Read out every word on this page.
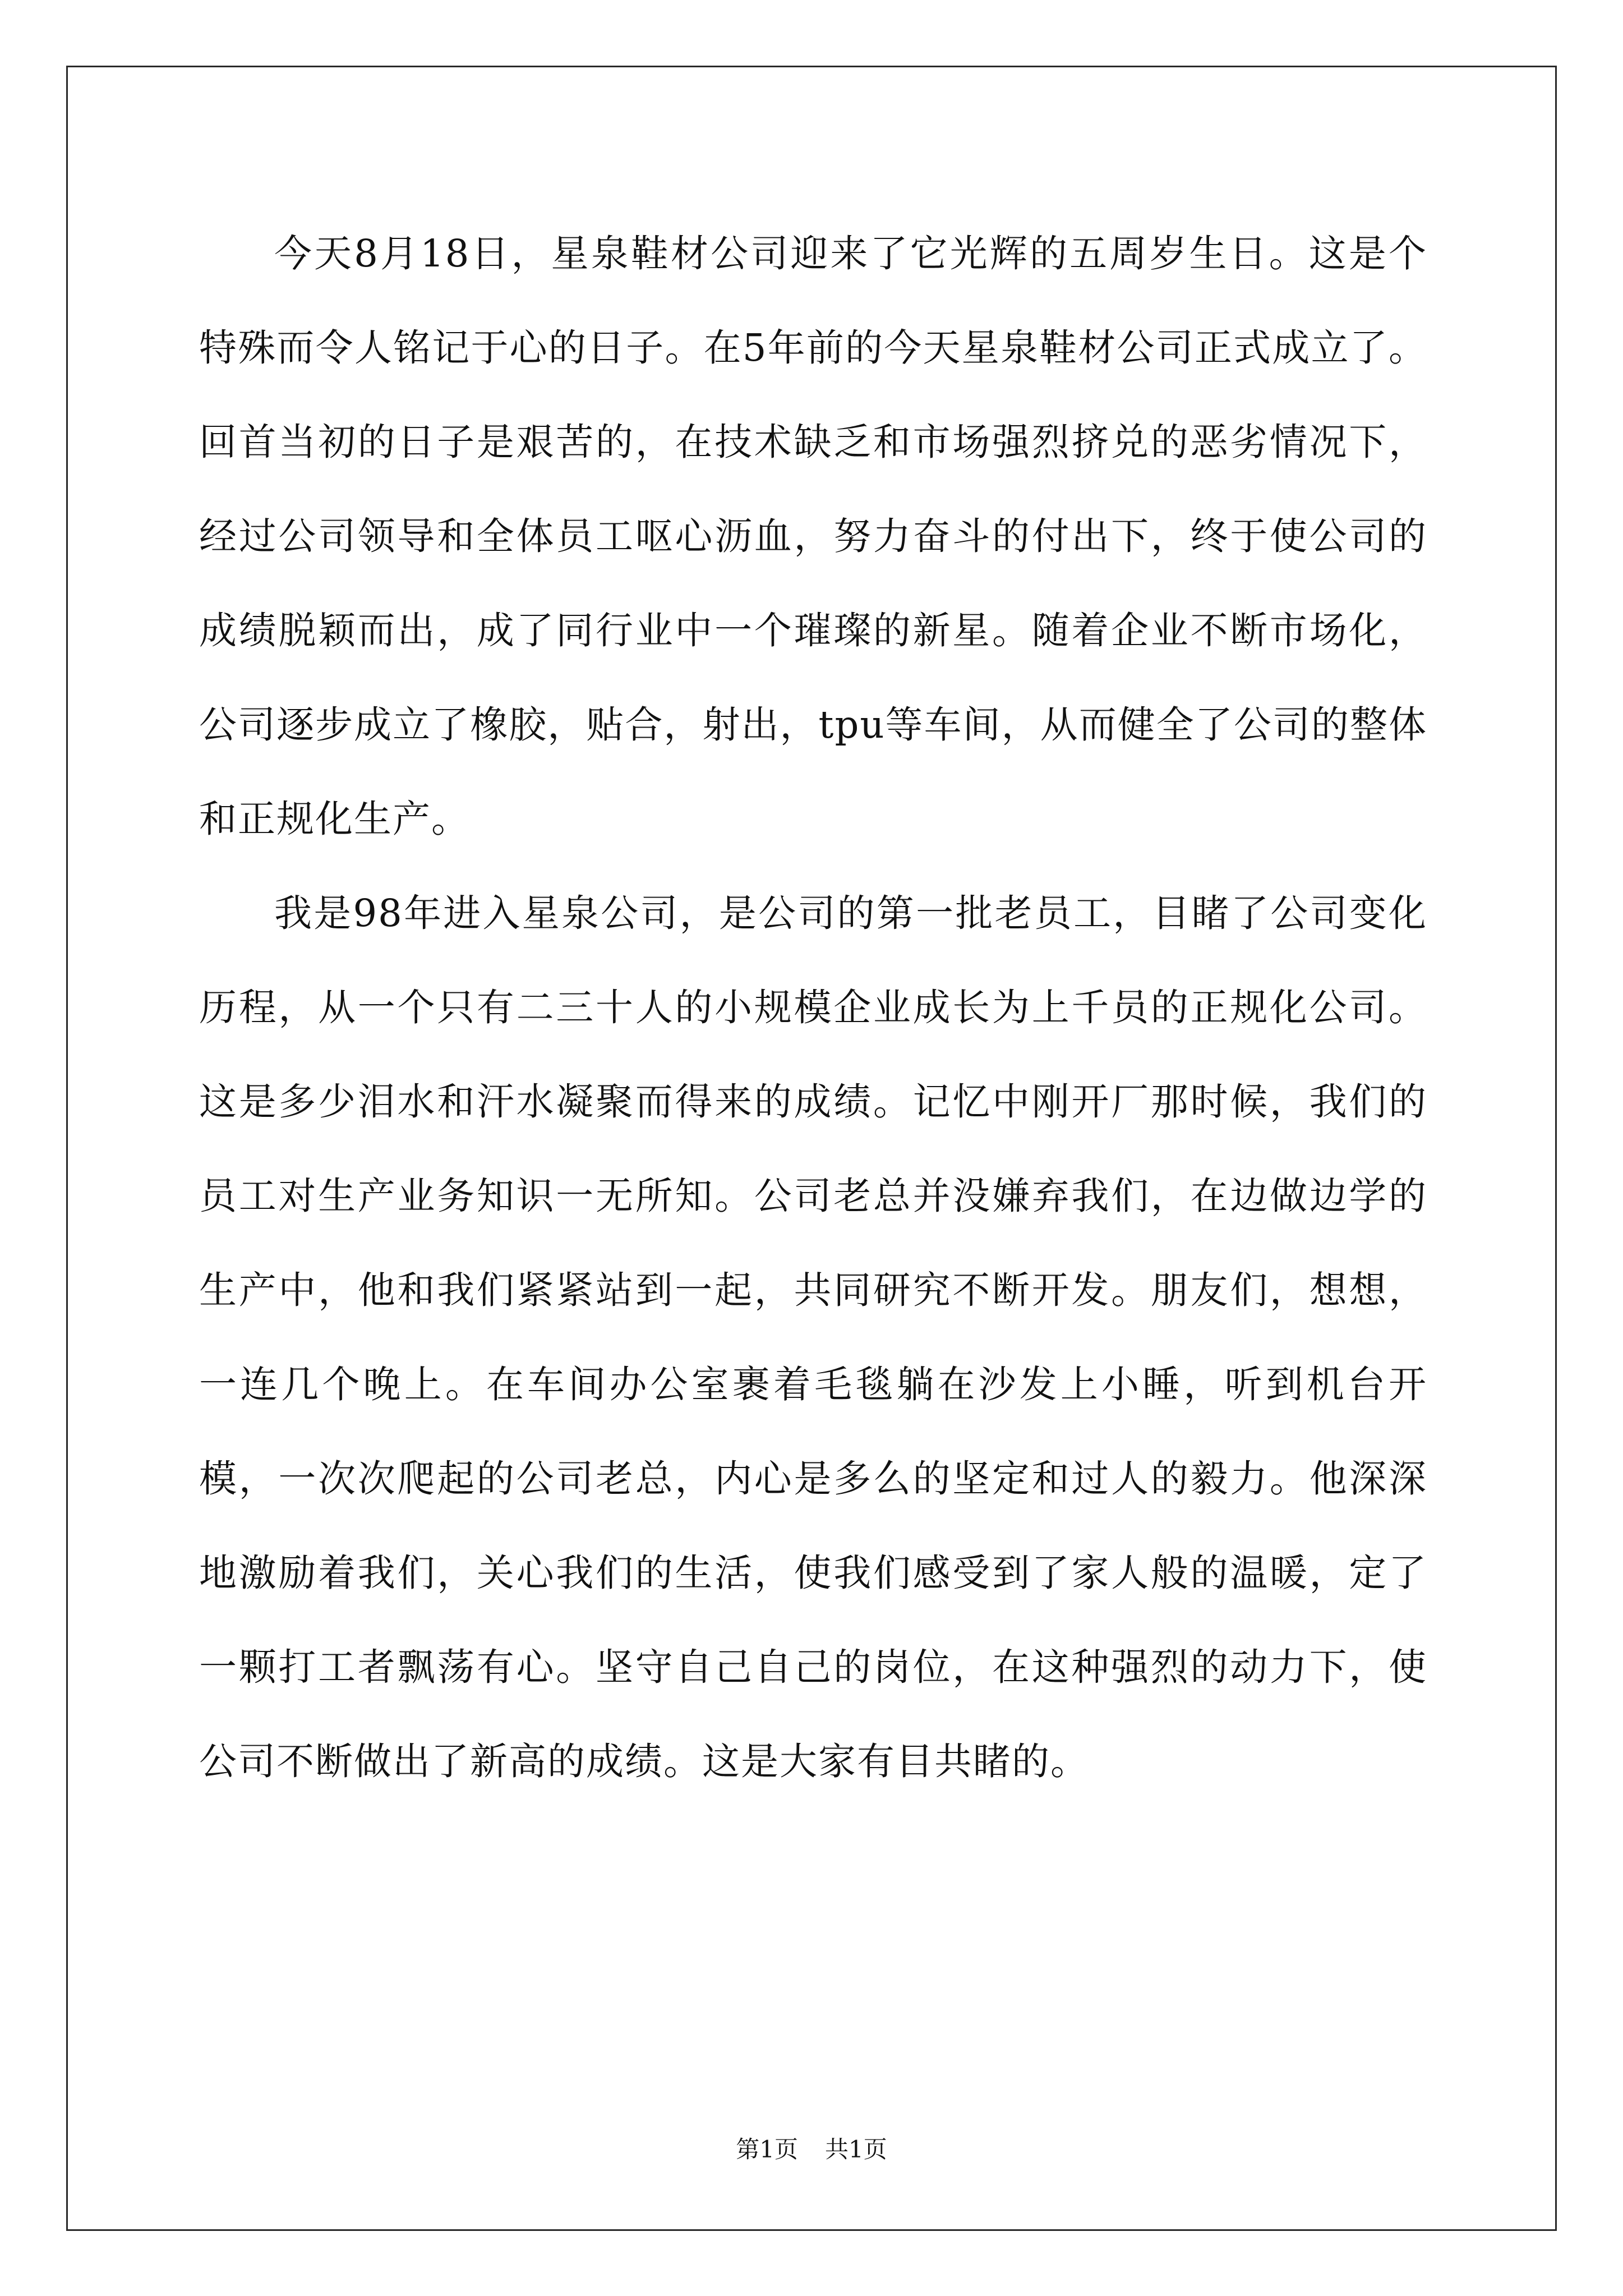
今天8月18日，星泉鞋材公司迎来了它光辉的五周岁生日。这是个特殊而令人铭记于心的日子。在5年前的今天星泉鞋材公司正式成立了。回首当初的日子是艰苦的，在技术缺乏和市场强烈挤兑的恶劣情况下，经过公司领导和全体员工呕心沥血，努力奋斗的付出下，终于使公司的成绩脱颖而出，成了同行业中一个璀璨的新星。随着企业不断市场化，公司逐步成立了橡胶，贴合，射出，tpu等车间，从而健全了公司的整体和正规化生产。

我是98年进入星泉公司，是公司的第一批老员工，目睹了公司变化历程，从一个只有二三十人的小规模企业成长为上千员的正规化公司。这是多少泪水和汗水凝聚而得来的成绩。记忆中刚开厂那时候，我们的员工对生产业务知识一无所知。公司老总并没嫌弃我们，在边做边学的生产中，他和我们紧紧站到一起，共同研究不断开发。朋友们，想想，一连几个晚上。在车间办公室裹着毛毯躺在沙发上小睡，听到机台开模，一次次爬起的公司老总，内心是多么的坚定和过人的毅力。他深深地激励着我们，关心我们的生活，使我们感受到了家人般的温暖，定了一颗打工者飘荡有心。坚守自己自己的岗位，在这种强烈的动力下，使公司不断做出了新高的成绩。这是大家有目共睹的。

第1页 共1页
